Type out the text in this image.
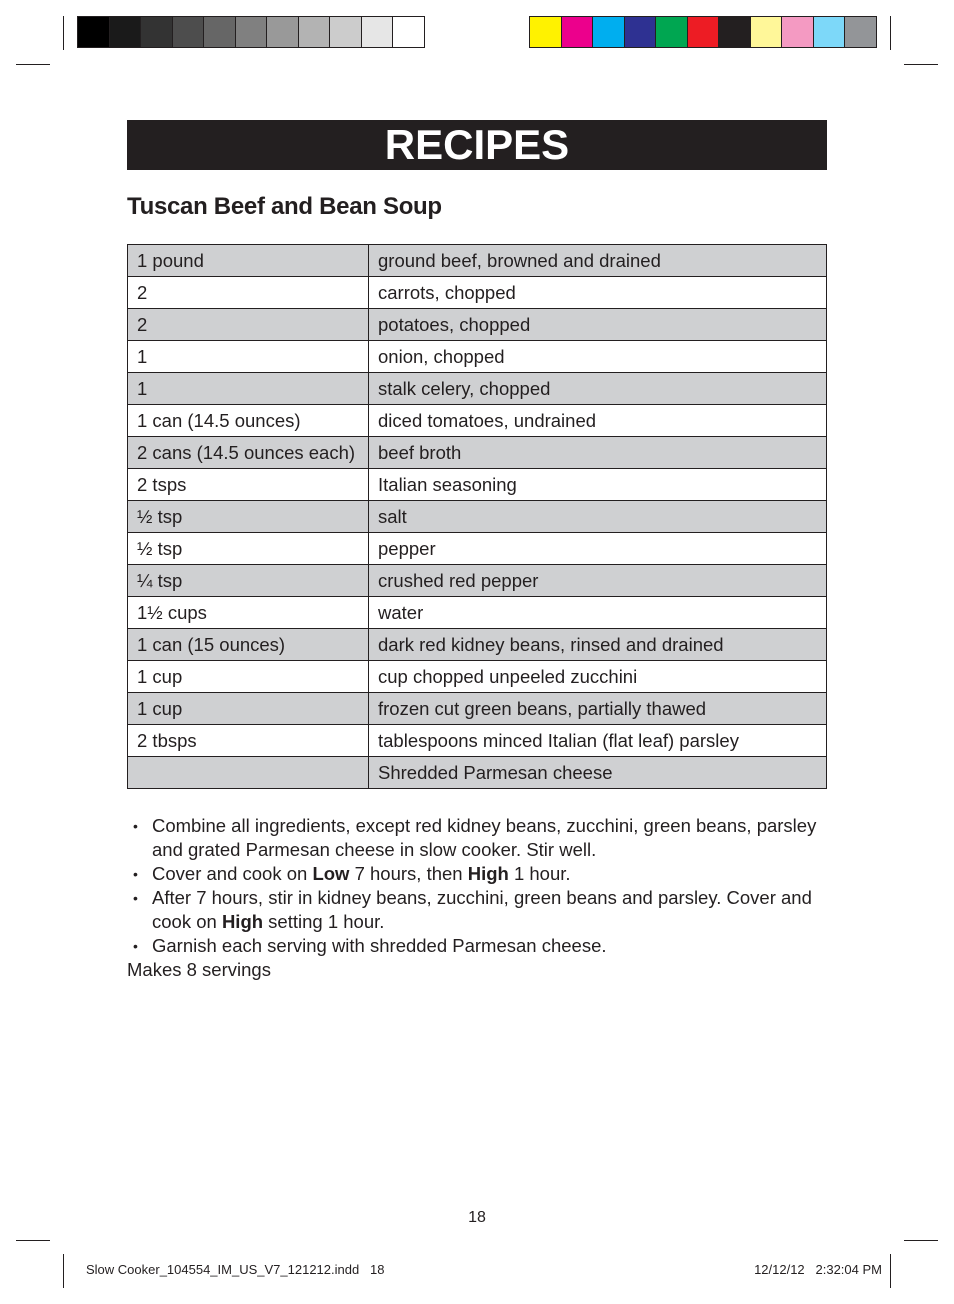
RECIPES
Tuscan Beef and Bean Soup
1 pound	ground beef, browned and drained
2	carrots, chopped
2	potatoes, chopped
1	onion, chopped
1	stalk celery, chopped
1 can (14.5 ounces)	diced tomatoes, undrained
2 cans (14.5 ounces each)	beef broth
2 tsps	Italian seasoning
½ tsp	salt
½ tsp	pepper
¼ tsp	crushed red pepper
1½ cups	water
1 can (15 ounces)	dark red kidney beans, rinsed and drained
1 cup	cup chopped unpeeled zucchini
1 cup	frozen cut green beans, partially thawed
2 tbsps	tablespoons minced Italian (flat leaf) parsley
	Shredded Parmesan cheese
• Combine all ingredients, except red kidney beans, zucchini, green beans, parsley and grated Parmesan cheese in slow cooker. Stir well.
• Cover and cook on Low 7 hours, then High 1 hour.
• After 7 hours, stir in kidney beans, zucchini, green beans and parsley. Cover and cook on High setting 1 hour.
• Garnish each serving with shredded Parmesan cheese.
Makes 8 servings
18
Slow Cooker_104554_IM_US_V7_121212.indd   18	12/12/12   2:32:04 PM
